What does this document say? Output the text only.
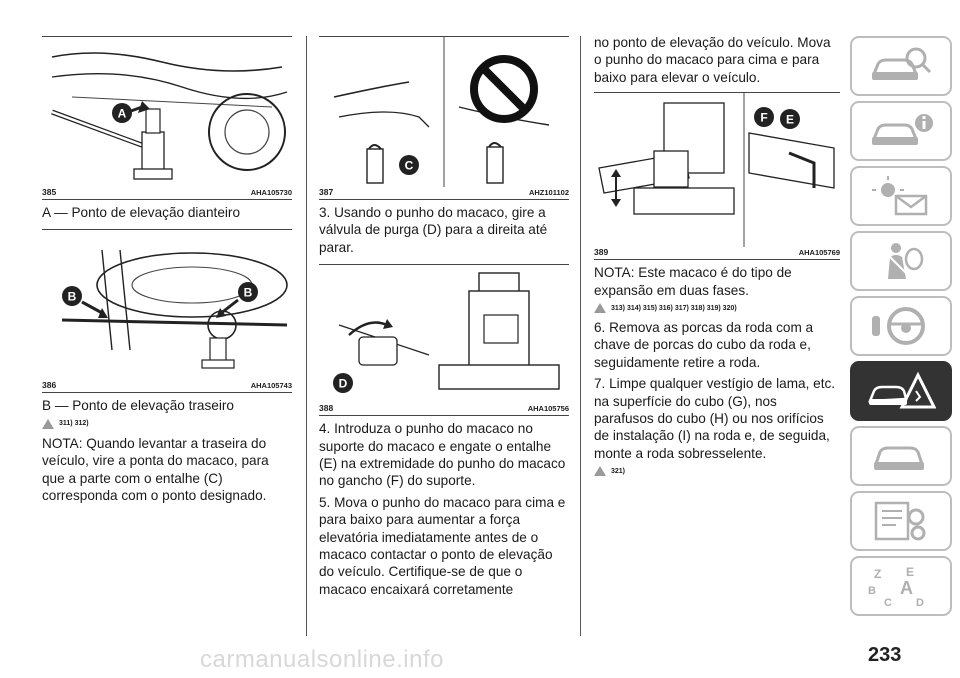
A
385	AHA105730

A — Ponto de elevação dianteiro

B	B
386	AHA105743

B — Ponto de elevação traseiro

311) 312)

NOTA: Quando levantar a traseira do veículo, vire a ponta do macaco, para que a parte com o entalhe (C) corresponda com o ponto designado.

C
387	AHZ101102

3. Usando o punho do macaco, gire a válvula de purga (D) para a direita até parar.

D
388	AHA105756

4. Introduza o punho do macaco no suporte do macaco e engate o entalhe (E) na extremidade do punho do macaco no gancho (F) do suporte.

5. Mova o punho do macaco para cima e para baixo para aumentar a força elevatória imediatamente antes de o macaco contactar o ponto de elevação do veículo. Certifique-se de que o macaco encaixará corretamente

no ponto de elevação do veículo. Mova o punho do macaco para cima e para baixo para elevar o veículo.

F E
389	AHA105769

NOTA: Este macaco é do tipo de expansão em duas fases.

313) 314) 315) 316) 317) 318) 319) 320)

6. Remova as porcas da roda com a chave de porcas do cubo da roda e, seguidamente retire a roda.

7. Limpe qualquer vestígio de lama, etc. na superfície do cubo (G), nos parafusos do cubo (H) ou nos orifícios de instalação (I) na roda e, de seguida, monte a roda sobresselente.

321)
Z E
B A
C D
carmanualsonline.info	233
